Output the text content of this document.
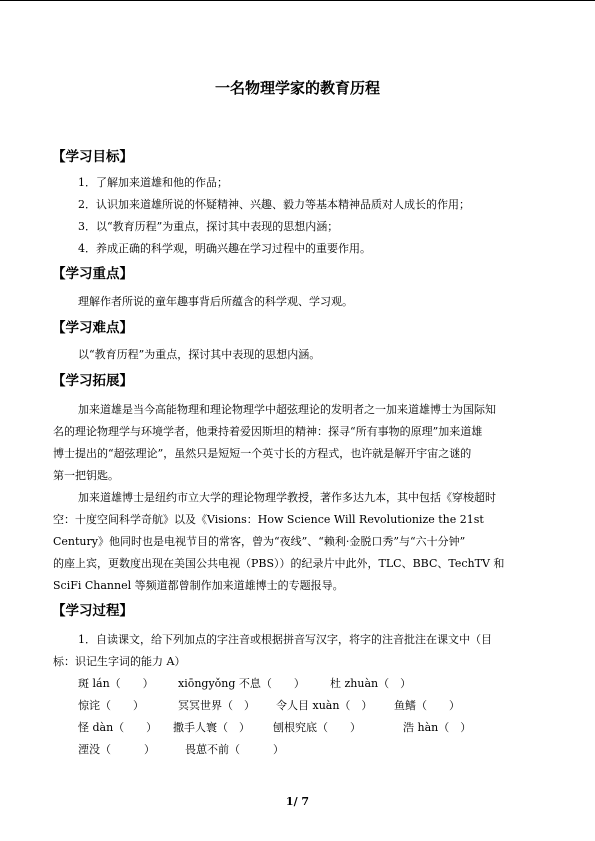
一名物理学家的教育历程
【学习目标】
1．了解加来道雄和他的作品；
2．认识加来道雄所说的怀疑精神、兴趣、毅力等基本精神品质对人成长的作用；
3．以“教育历程”为重点，探讨其中表现的思想内涵；
4．养成正确的科学观，明确兴趣在学习过程中的重要作用。
【学习重点】
理解作者所说的童年趣事背后所蕴含的科学观、学习观。
【学习难点】
以“教育历程”为重点，探讨其中表现的思想内涵。
【学习拓展】
加来道雄是当今高能物理和理论物理学中超弦理论的发明者之一加来道雄博士为国际知
名的理论物理学与环境学者，他秉持着爱因斯坦的精神：探寻“所有事物的原理”加来道雄
博士提出的“超弦理论”，虽然只是短短一个英寸长的方程式，也许就是解开宇宙之谜的
第一把钥匙。
加来道雄博士是纽约市立大学的理论物理学教授，著作多达九本，其中包括《穿梭超时
空：十度空间科学奇航》以及《Visions：How Science Will Revolutionize the 21st
Century》他同时也是电视节目的常客，曾为“夜线”、“赖利·金脱口秀”与“六十分钟”
的座上宾，更数度出现在美国公共电视（PBS））的纪录片中此外，TLC、BBC、TechTV 和
SciFi Channel 等频道都曾制作加来道雄博士的专题报导。
【学习过程】
1．自读课文，给下列加点的字注音或根据拼音写汉字，将字的注音批注在课文中（目
标：识记生字词的能力 A）
斑 lán（　　） xiōngyǒng 不息（　　） 杜 zhuàn（　）
惊诧（　　）	冥冥世界（　） 令人目 xuàn（　） 鱼鳍（　　）
怪 dàn（　　） 撒手人寰（　） 刨根究底（　　）	浩 hàn（　）
湮没（　　　）	畏葸不前（　　　）
1/ 7
